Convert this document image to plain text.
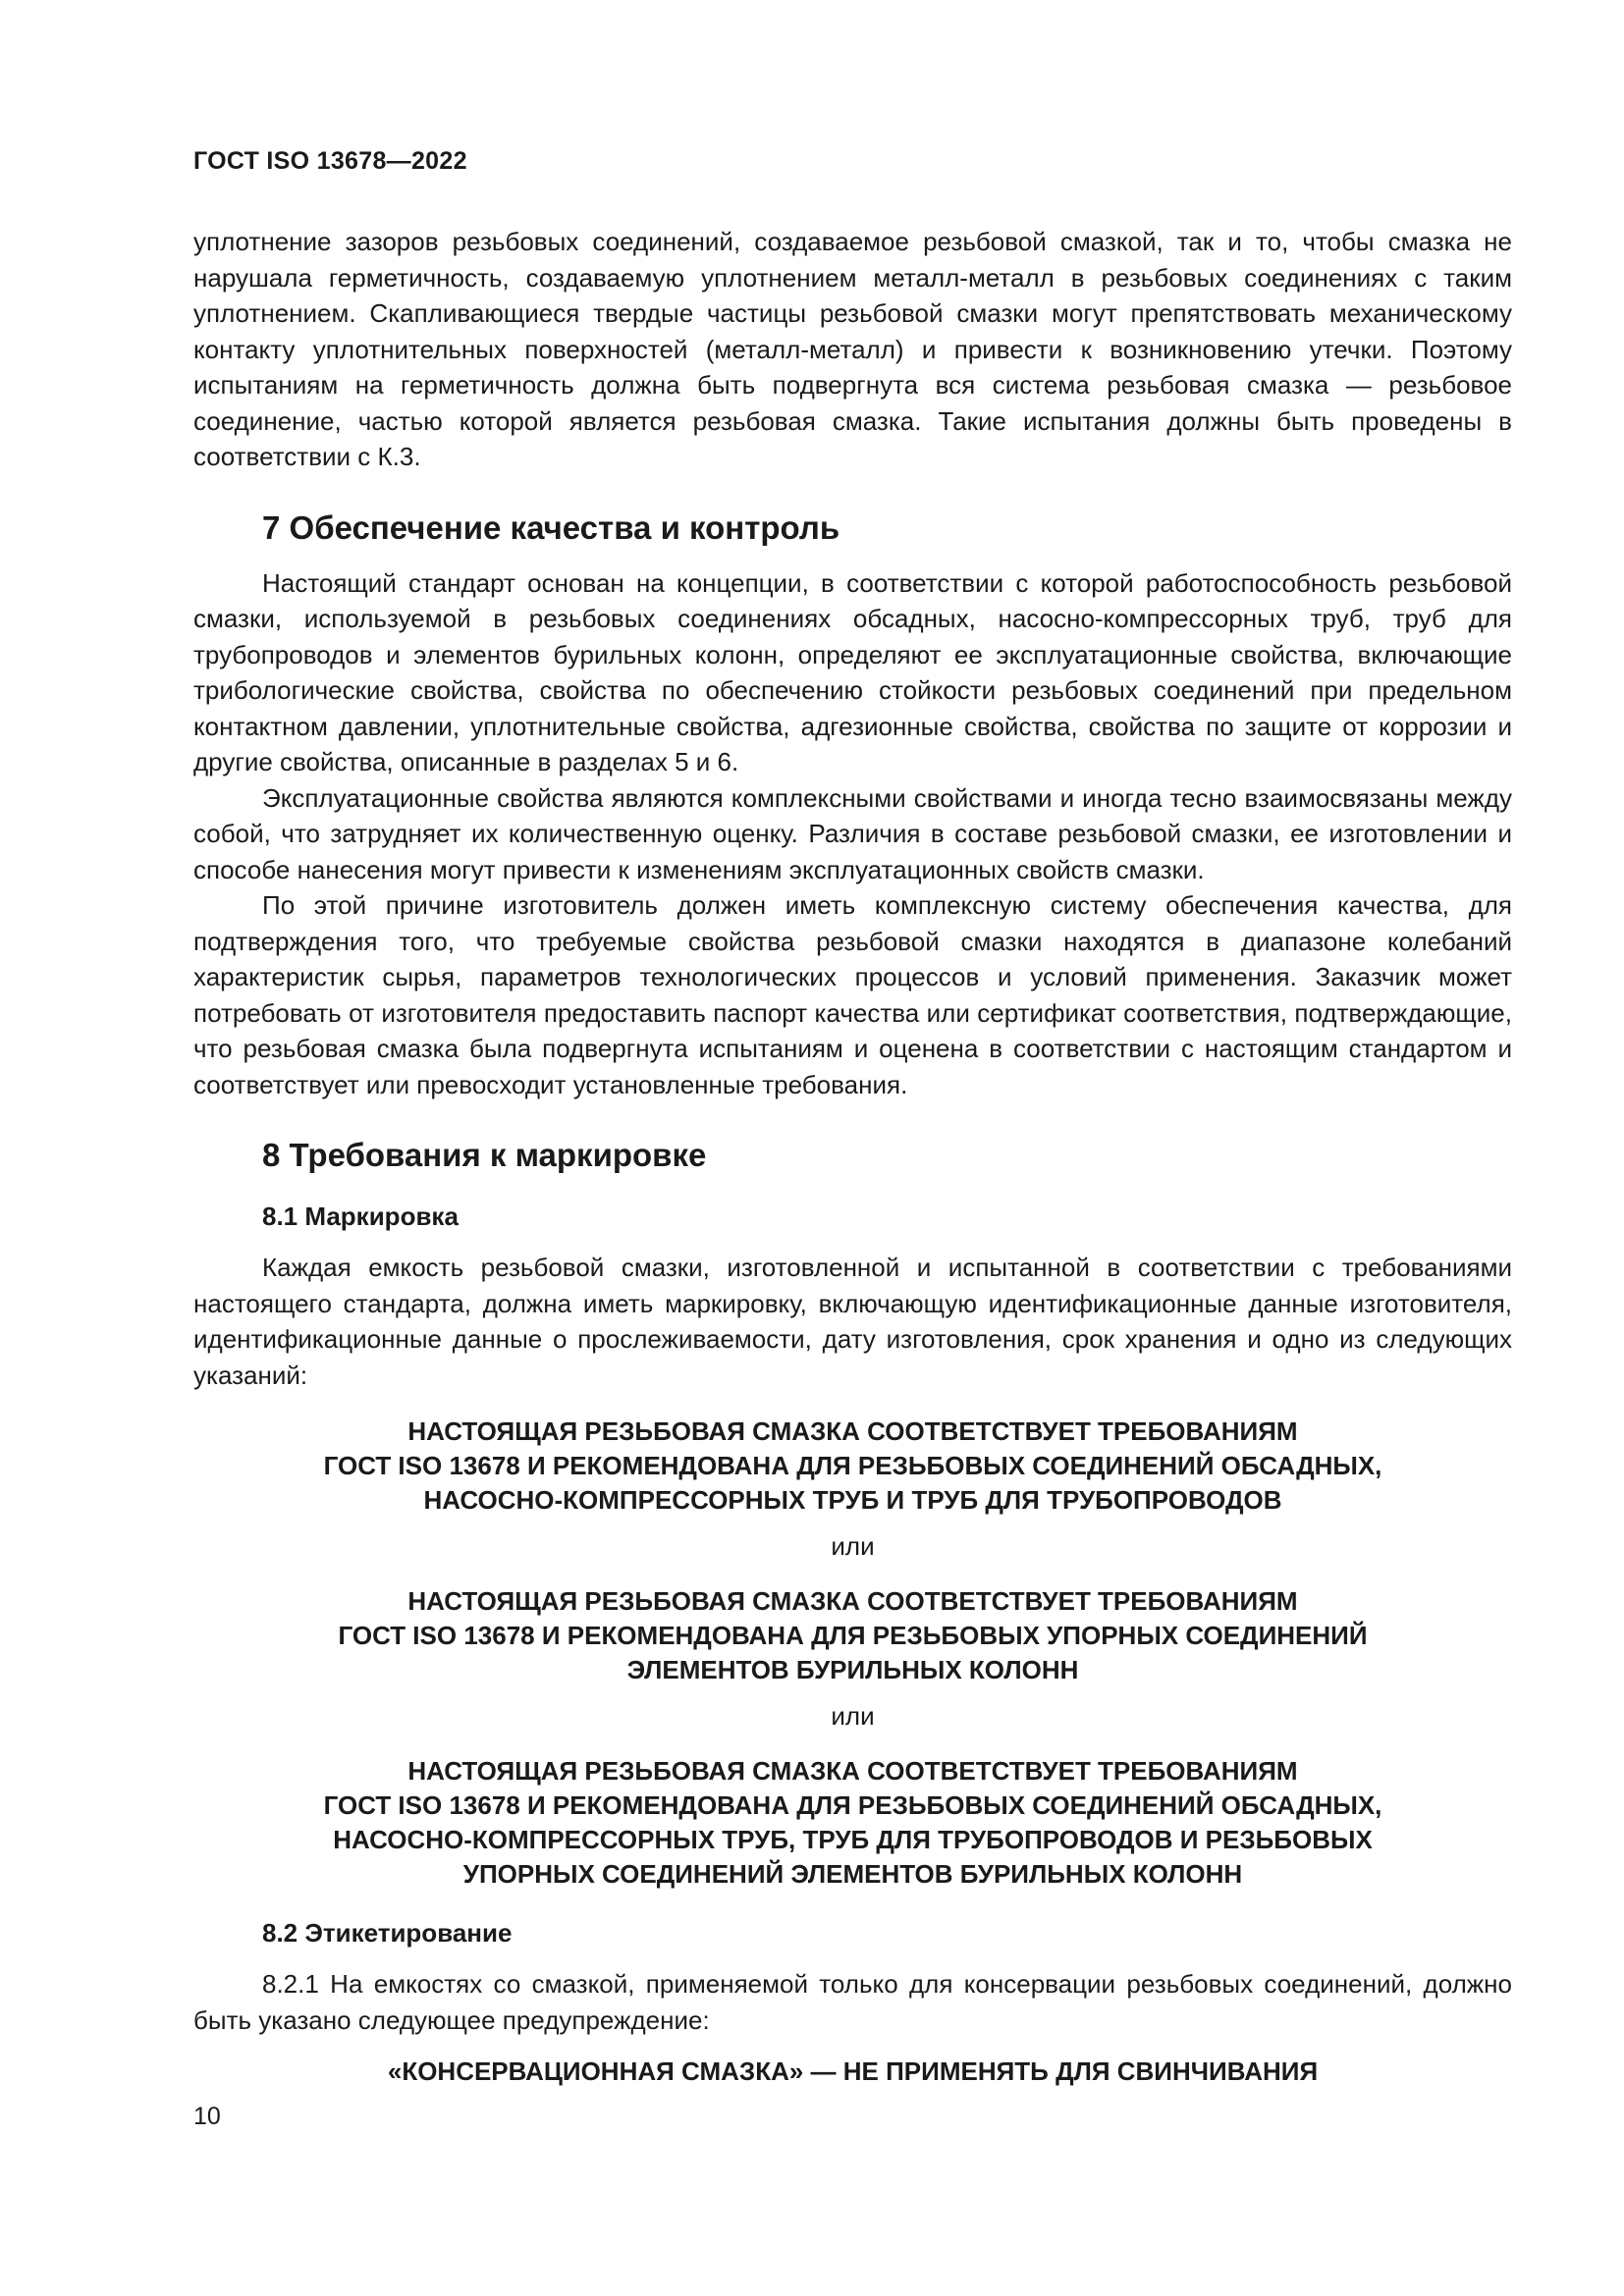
ГОСТ ISO 13678—2022

уплотнение зазоров резьбовых соединений, создаваемое резьбовой смазкой, так и то, чтобы смазка не нарушала герметичность, создаваемую уплотнением металл-металл в резьбовых соединениях с таким уплотнением. Скапливающиеся твердые частицы резьбовой смазки могут препятствовать механическому контакту уплотнительных поверхностей (металл-металл) и привести к возникновению утечки. Поэтому испытаниям на герметичность должна быть подвергнута вся система резьбовая смазка — резьбовое соединение, частью которой является резьбовая смазка. Такие испытания должны быть проведены в соответствии с К.3.

7 Обеспечение качества и контроль

Настоящий стандарт основан на концепции, в соответствии с которой работоспособность резьбовой смазки, используемой в резьбовых соединениях обсадных, насосно-компрессорных труб, труб для трубопроводов и элементов бурильных колонн, определяют ее эксплуатационные свойства, включающие трибологические свойства, свойства по обеспечению стойкости резьбовых соединений при предельном контактном давлении, уплотнительные свойства, адгезионные свойства, свойства по защите от коррозии и другие свойства, описанные в разделах 5 и 6.

Эксплуатационные свойства являются комплексными свойствами и иногда тесно взаимосвязаны между собой, что затрудняет их количественную оценку. Различия в составе резьбовой смазки, ее изготовлении и способе нанесения могут привести к изменениям эксплуатационных свойств смазки.

По этой причине изготовитель должен иметь комплексную систему обеспечения качества, для подтверждения того, что требуемые свойства резьбовой смазки находятся в диапазоне колебаний характеристик сырья, параметров технологических процессов и условий применения. Заказчик может потребовать от изготовителя предоставить паспорт качества или сертификат соответствия, подтверждающие, что резьбовая смазка была подвергнута испытаниям и оценена в соответствии с настоящим стандартом и соответствует или превосходит установленные требования.

8 Требования к маркировке
8.1 Маркировка

Каждая емкость резьбовой смазки, изготовленной и испытанной в соответствии с требованиями настоящего стандарта, должна иметь маркировку, включающую идентификационные данные изготовителя, идентификационные данные о прослеживаемости, дату изготовления, срок хранения и одно из следующих указаний:

НАСТОЯЩАЯ РЕЗЬБОВАЯ СМАЗКА СООТВЕТСТВУЕТ ТРЕБОВАНИЯМ
ГОСТ ISO 13678 И РЕКОМЕНДОВАНА ДЛЯ РЕЗЬБОВЫХ СОЕДИНЕНИЙ ОБСАДНЫХ,
НАСОСНО-КОМПРЕССОРНЫХ ТРУБ И ТРУБ ДЛЯ ТРУБОПРОВОДОВ
или
НАСТОЯЩАЯ РЕЗЬБОВАЯ СМАЗКА СООТВЕТСТВУЕТ ТРЕБОВАНИЯМ
ГОСТ ISO 13678 И РЕКОМЕНДОВАНА ДЛЯ РЕЗЬБОВЫХ УПОРНЫХ СОЕДИНЕНИЙ
ЭЛЕМЕНТОВ БУРИЛЬНЫХ КОЛОНН
или
НАСТОЯЩАЯ РЕЗЬБОВАЯ СМАЗКА СООТВЕТСТВУЕТ ТРЕБОВАНИЯМ
ГОСТ ISO 13678 И РЕКОМЕНДОВАНА ДЛЯ РЕЗЬБОВЫХ СОЕДИНЕНИЙ ОБСАДНЫХ,
НАСОСНО-КОМПРЕССОРНЫХ ТРУБ, ТРУБ ДЛЯ ТРУБОПРОВОДОВ И РЕЗЬБОВЫХ
УПОРНЫХ СОЕДИНЕНИЙ ЭЛЕМЕНТОВ БУРИЛЬНЫХ КОЛОНН
8.2 Этикетирование

8.2.1 На емкостях со смазкой, применяемой только для консервации резьбовых соединений, должно быть указано следующее предупреждение:

«КОНСЕРВАЦИОННАЯ СМАЗКА» — НЕ ПРИМЕНЯТЬ ДЛЯ СВИНЧИВАНИЯ
10
